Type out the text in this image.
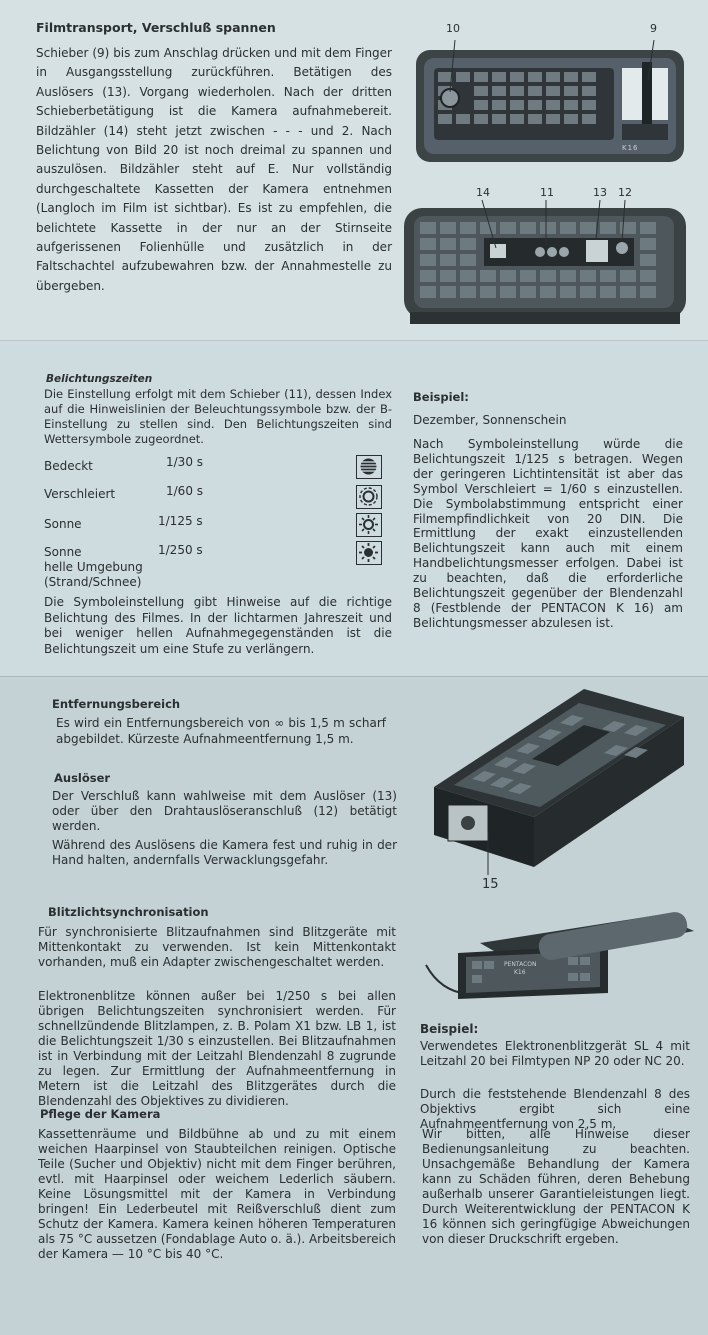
Filmtransport, Verschluß spannen

Schieber (9) bis zum Anschlag drücken und mit dem Finger in Ausgangsstellung zurückführen. Betätigen des Auslösers (13). Vorgang wiederholen. Nach der dritten Schieberbetätigung ist die Kamera aufnahmebereit. Bildzähler (14) steht jetzt zwischen - - - und 2. Nach Belichtung von Bild 20 ist noch dreimal zu spannen und auszulösen. Bildzähler steht auf E. Nur vollständig durchgeschaltete Kassetten der Kamera entnehmen (Langloch im Film ist sichtbar). Es ist zu empfehlen, die belichtete Kassette in der nur an der Stirnseite aufgerissenen Folienhülle und zusätzlich in der Faltschachtel aufzubewahren bzw. der Annahmestelle zu übergeben.

10	9
K16
14	11	13 12
Belichtungszeiten

Die Einstellung erfolgt mit dem Schieber (11), dessen Index auf die Hinweislinien der Beleuchtungssymbole bzw. der B-Einstellung zu stellen sind. Den Belichtungszeiten sind Wettersymbole zugeordnet.

Bedeckt	1/30 s
Verschleiert	1/60 s
Sonne	1/125 s
Sonne
helle Umgebung
(Strand/Schnee)
1/250 s

Die Symboleinstellung gibt Hinweise auf die richtige Belichtung des Filmes. In der lichtarmen Jahreszeit und bei weniger hellen Aufnahmegegenständen ist die Belichtungszeit um eine Stufe zu verlängern.

Beispiel:

Dezember, Sonnenschein

Nach Symboleinstellung würde die Belichtungszeit 1/125 s betragen. Wegen der geringeren Lichtintensität ist aber das Symbol Verschleiert = 1/60 s einzustellen. Die Symbolabstimmung entspricht einer Filmempfindlichkeit von 20 DIN. Die Ermittlung der exakt einzustellenden Belichtungszeit kann auch mit einem Handbelichtungsmesser erfolgen. Dabei ist zu beachten, daß die erforderliche Belichtungszeit gegenüber der Blendenzahl 8 (Festblende der PENTACON K 16) am Belichtungsmesser abzulesen ist.

Entfernungsbereich

Es wird ein Entfernungsbereich von ∞ bis 1,5 m scharf abgebildet. Kürzeste Aufnahmeentfernung 1,5 m.

Auslöser

Der Verschluß kann wahlweise mit dem Auslöser (13) oder über den Drahtauslöseranschluß (12) betätigt werden.

Während des Auslösens die Kamera fest und ruhig in der Hand halten, andernfalls Verwacklungsgefahr.

15
Blitzlichtsynchronisation

Für synchronisierte Blitzaufnahmen sind Blitzgeräte mit Mittenkontakt zu verwenden. Ist kein Mittenkontakt vorhanden, muß ein Adapter zwischengeschaltet werden.

Elektronenblitze können außer bei 1/250 s bei allen übrigen Belichtungszeiten synchronisiert werden. Für schnellzündende Blitzlampen, z. B. Polam X1 bzw. LB 1, ist die Belichtungszeit 1/30 s einzustellen. Bei Blitzaufnahmen ist in Verbindung mit der Leitzahl Blendenzahl 8 zugrunde zu legen. Zur Ermittlung der Aufnahmeentfernung in Metern ist die Leitzahl des Blitzgerätes durch die Blendenzahl des Objektives zu dividieren.

PENTACON
K16
Beispiel:

Verwendetes Elektronenblitzgerät SL 4 mit Leitzahl 20 bei Filmtypen NP 20 oder NC 20.

Durch die feststehende Blendenzahl 8 des Objektivs ergibt sich eine Aufnahmeentfernung von 2,5 m.

Pflege der Kamera

Kassettenräume und Bildbühne ab und zu mit einem weichen Haarpinsel von Staubteilchen reinigen. Optische Teile (Sucher und Objektiv) nicht mit dem Finger berühren, evtl. mit Haarpinsel oder weichem Lederlich säubern. Keine Lösungsmittel mit der Kamera in Verbindung bringen! Ein Lederbeutel mit Reißverschluß dient zum Schutz der Kamera. Kamera keinen höheren Temperaturen als 75 °C aussetzen (Fondablage Auto o. ä.). Arbeitsbereich der Kamera — 10 °C bis 40 °C.

Wir bitten, alle Hinweise dieser Bedienungsanleitung zu beachten. Unsachgemäße Behandlung der Kamera kann zu Schäden führen, deren Behebung außerhalb unserer Garantieleistungen liegt. Durch Weiterentwicklung der PENTACON K 16 können sich geringfügige Abweichungen von dieser Druckschrift ergeben.
